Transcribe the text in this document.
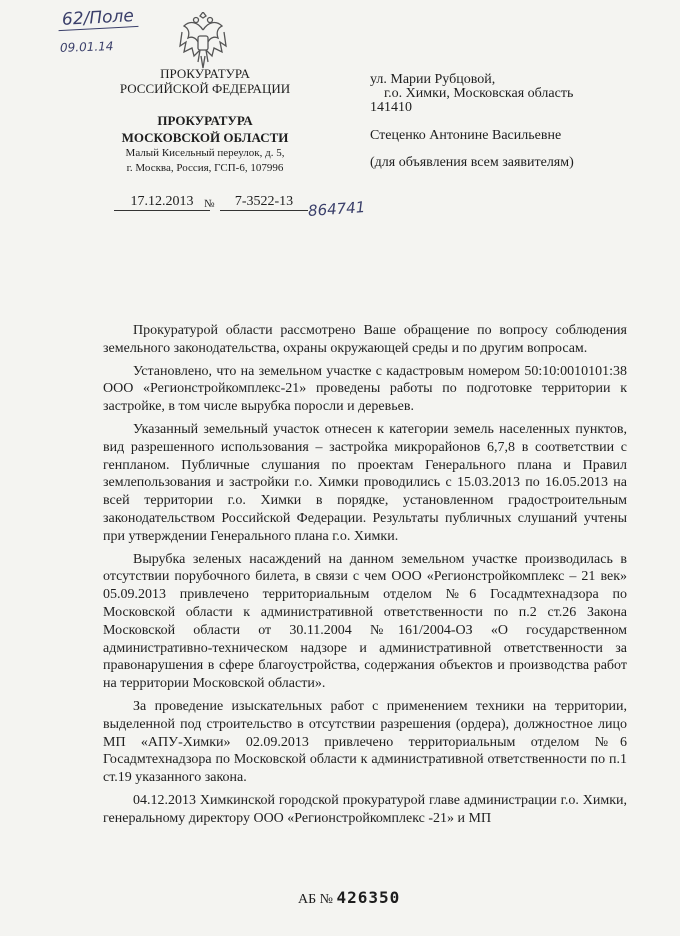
62/Поле
09.01.14
ПРОКУРАТУРА
РОССИЙСКОЙ ФЕДЕРАЦИИ
ПРОКУРАТУРА
МОСКОВСКОЙ ОБЛАСТИ
Малый Кисельный переулок, д. 5,
г. Москва, Россия, ГСП-6, 107996
ул. Марии Рубцовой,
г.о. Химки, Московская область
141410
Стеценко Антонине Васильевне
(для объявления всем заявителям)
17.12.2013 №	7-3522-13 864741

Прокуратурой области рассмотрено Ваше обращение по вопросу соблюдения земельного законодательства, охраны окружающей среды и по другим вопросам.

Установлено, что на земельном участке с кадастровым номером 50:10:0010101:38 ООО «Регионстройкомплекс-21» проведены работы по подготовке территории к застройке, в том числе вырубка поросли и деревьев.

Указанный земельный участок отнесен к категории земель населенных пунктов, вид разрешенного использования – застройка микрорайонов 6,7,8 в соответствии с генпланом. Публичные слушания по проектам Генерального плана и Правил землепользования и застройки г.о. Химки проводились с 15.03.2013 по 16.05.2013 на всей территории г.о. Химки в порядке, установленном градостроительным законодательством Российской Федерации. Результаты публичных слушаний учтены при утверждении Генерального плана г.о. Химки.

Вырубка зеленых насаждений на данном земельном участке производилась в отсутствии порубочного билета, в связи с чем ООО «Регионстройкомплекс – 21 век» 05.09.2013 привлечено территориальным отделом №6 Госадмтехнадзора по Московской области к административной ответственности по п.2 ст.26 Закона Московской области от 30.11.2004 №161/2004-ОЗ «О государственном административно-техническом надзоре и административной ответственности за правонарушения в сфере благоустройства, содержания объектов и производства работ на территории Московской области».

За проведение изыскательных работ с применением техники на территории, выделенной под строительство в отсутствии разрешения (ордера), должностное лицо МП «АПУ-Химки» 02.09.2013 привлечено территориальным отделом №6 Госадмтехнадзора по Московской области к административной ответственности по п.1 ст.19 указанного закона.

04.12.2013 Химкинской городской прокуратурой главе администрации г.о. Химки, генеральному директору ООО «Регионстройкомплекс -21» и МП

АБ № 426350
